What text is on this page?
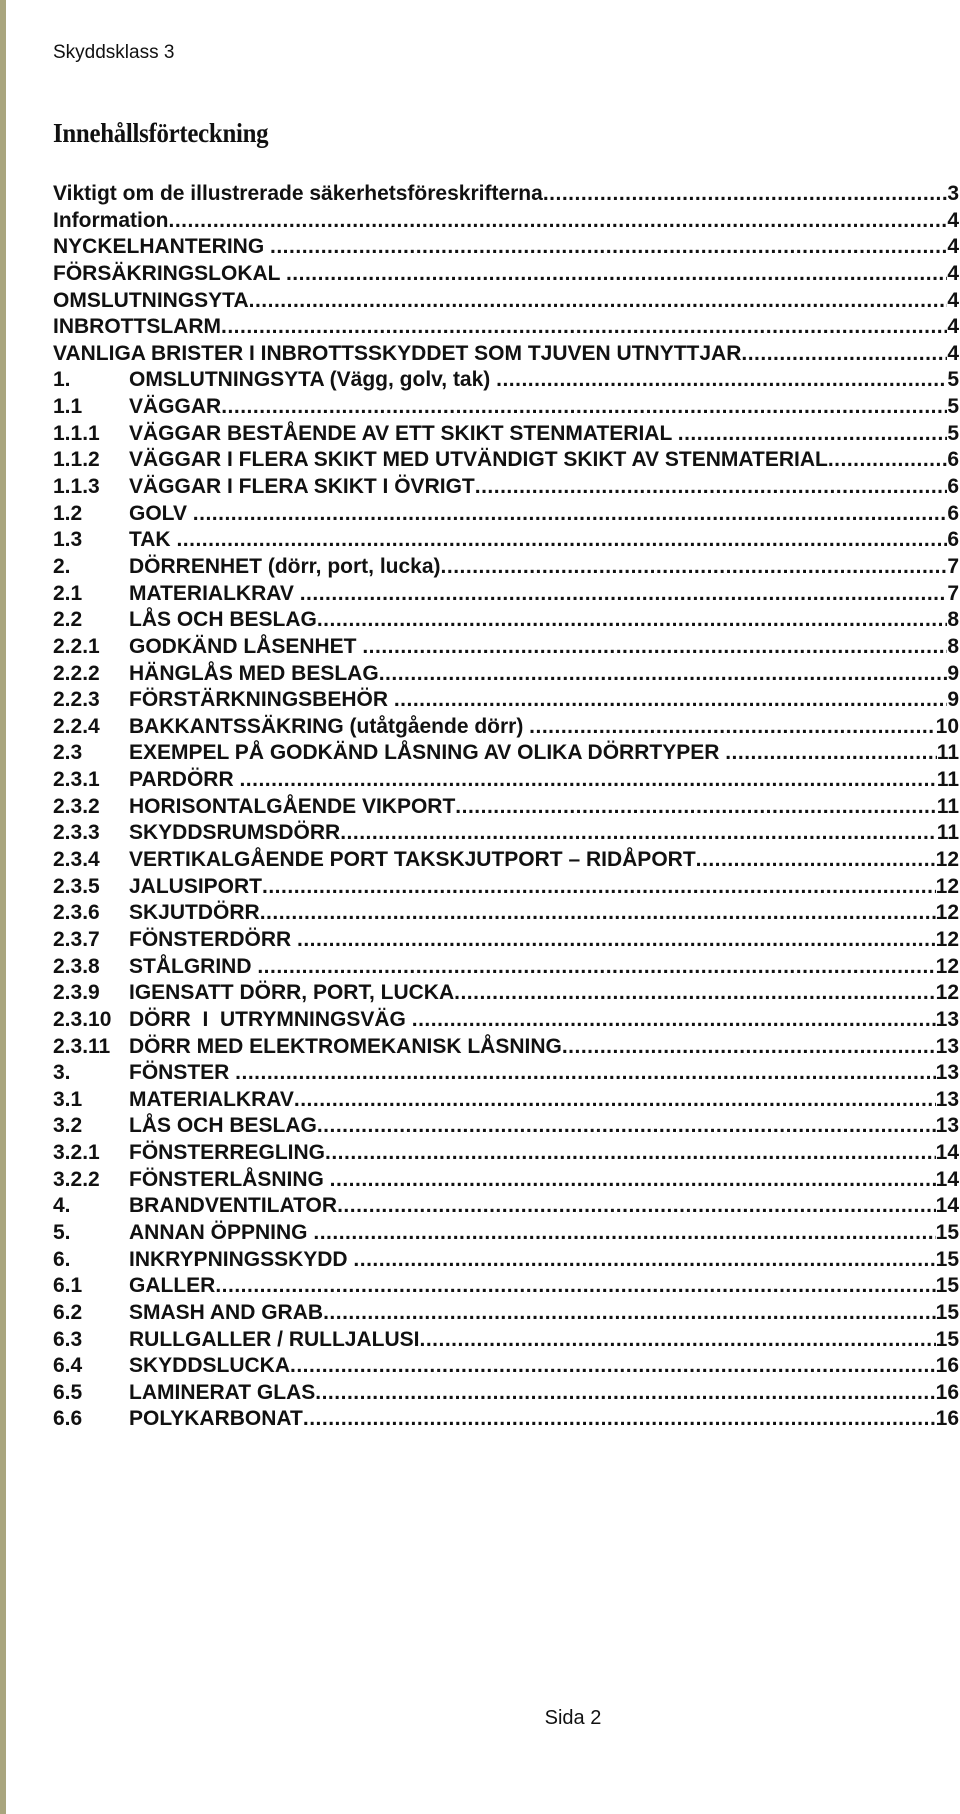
Skyddsklass 3
Innehållsförteckning
Viktigt om de illustrerade säkerhetsföreskrifterna .....	3
Information .....	4
NYCKELHANTERING .....	4
FÖRSÄKRINGSLOKAL .....	4
OMSLUTNINGSYTA .....	4
INBROTTSLARM .....	4
VANLIGA BRISTER I INBROTTSSKYDDET SOM TJUVEN UTNYTTJAR .....	4
1.	OMSLUTNINGSYTA (Vägg, golv, tak) .....	5
1.1	VÄGGAR .....	5
1.1.1	VÄGGAR BESTÅENDE AV ETT SKIKT STENMATERIAL .....	5
1.1.2	VÄGGAR I FLERA SKIKT MED UTVÄNDIGT SKIKT AV STENMATERIAL .....	6
1.1.3	VÄGGAR I FLERA SKIKT I ÖVRIGT .....	6
1.2	GOLV .....	6
1.3	TAK .....	6
2.	DÖRRENHET (dörr, port, lucka) .....	7
2.1	MATERIALKRAV .....	7
2.2	LÅS OCH BESLAG .....	8
2.2.1	GODKÄND LÅSENHET .....	8
2.2.2	HÄNGLÅS MED BESLAG .....	9
2.2.3	FÖRSTÄRKNINGSBEHÖR .....	9
2.2.4	BAKKANTSSÄKRING (utåtgående dörr) .....	10
2.3	EXEMPEL PÅ GODKÄND LÅSNING AV OLIKA DÖRRTYPER .....	11
2.3.1	PARDÖRR .....	11
2.3.2	HORISONTALGÅENDE VIKPORT .....	11
2.3.3	SKYDDSRUMSDÖRR .....	11
2.3.4	VERTIKALGÅENDE PORT TAKSKJUTPORT – RIDÅPORT .....	12
2.3.5	JALUSIPORT .....	12
2.3.6	SKJUTDÖRR .....	12
2.3.7	FÖNSTERDÖRR .....	12
2.3.8	STÅLGRIND .....	12
2.3.9	IGENSATT DÖRR, PORT, LUCKA .....	12
2.3.10 DÖRR  I  UTRYMNINGSVÄG .....	13
2.3.11 DÖRR MED ELEKTROMEKANISK LÅSNING .....	13
3.	FÖNSTER .....	13
3.1	MATERIALKRAV .....	13
3.2	LÅS OCH BESLAG .....	13
3.2.1	FÖNSTERREGLING .....	14
3.2.2	FÖNSTERLÅSNING .....	14
4.	BRANDVENTILATOR .....	14
5.	ANNAN ÖPPNING .....	15
6.	INKRYPNINGSSKYDD .....	15
6.1	GALLER .....	15
6.2	SMASH AND GRAB .....	15
6.3	RULLGALLER / RULLJALUSI .....	15
6.4	SKYDDSLUCKA .....	16
6.5	LAMINERAT GLAS .....	16
6.6	POLYKARBONAT .....	16
Sida 2
